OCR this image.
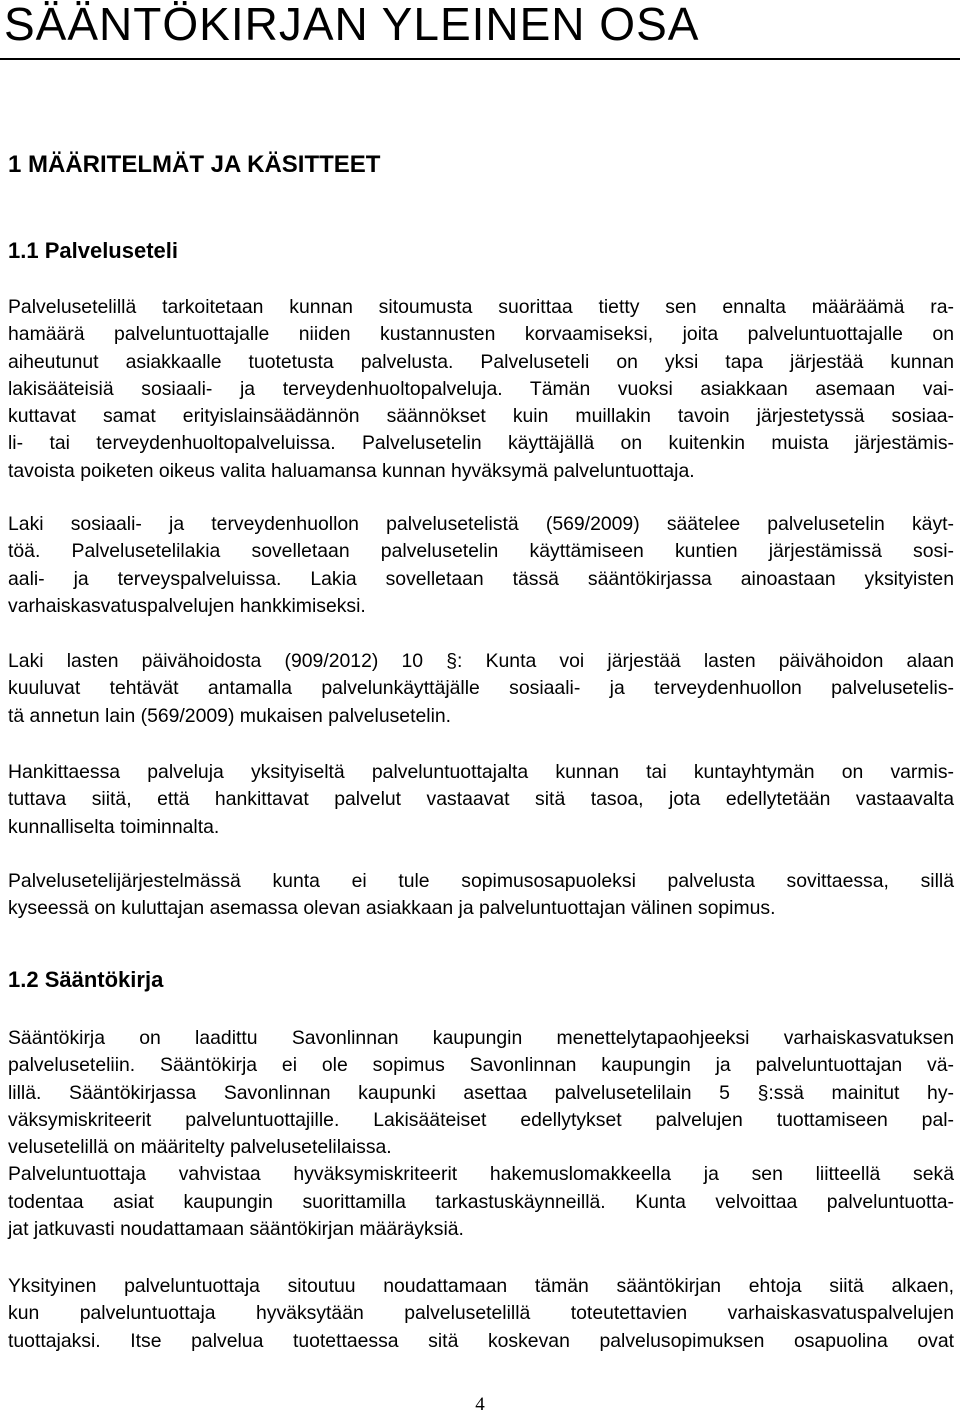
SÄÄNTÖKIRJAN YLEINEN OSA
1 MÄÄRITELMÄT JA KÄSITTEET
1.1 Palveluseteli
Palvelusetelillä tarkoitetaan kunnan sitoumusta suorittaa tietty sen ennalta määräämä ra-
hamäärä palveluntuottajalle niiden kustannusten korvaamiseksi, joita palveluntuottajalle on
aiheutunut asiakkaalle tuotetusta palvelusta. Palveluseteli on yksi tapa järjestää kunnan
lakisääteisiä sosiaali- ja terveydenhuoltopalveluja. Tämän vuoksi asiakkaan asemaan vai-
kuttavat samat erityislainsäädännön säännökset kuin muillakin tavoin järjestetyssä sosiaa-
li- tai terveydenhuoltopalveluissa. Palvelusetelin käyttäjällä on kuitenkin muista järjestämis-
tavoista poiketen oikeus valita haluamansa kunnan hyväksymä palveluntuottaja.
Laki sosiaali- ja terveydenhuollon palvelusetelistä (569/2009) säätelee palvelusetelin käyt-
töä. Palvelusetelilakia sovelletaan palvelusetelin käyttämiseen kuntien järjestämissä sosi-
aali- ja terveyspalveluissa. Lakia sovelletaan tässä sääntökirjassa ainoastaan yksityisten
varhaiskasvatuspalvelujen hankkimiseksi.
Laki lasten päivähoidosta (909/2012) 10 §: Kunta voi järjestää lasten päivähoidon alaan
kuuluvat tehtävät antamalla palvelunkäyttäjälle sosiaali- ja terveydenhuollon palvelusetelis-
tä annetun lain (569/2009) mukaisen palvelusetelin.
Hankittaessa palveluja yksityiseltä palveluntuottajalta kunnan tai kuntayhtymän on varmis-
tuttava siitä, että hankittavat palvelut vastaavat sitä tasoa, jota edellytetään vastaavalta
kunnalliselta toiminnalta.
Palvelusetelijärjestelmässä kunta ei tule sopimusosapuoleksi palvelusta sovittaessa, sillä
kyseessä on kuluttajan asemassa olevan asiakkaan ja palveluntuottajan välinen sopimus.
1.2 Sääntökirja
Sääntökirja on laadittu Savonlinnan kaupungin menettelytapaohjeeksi varhaiskasvatuksen
palveluseteliin. Sääntökirja ei ole sopimus Savonlinnan kaupungin ja palveluntuottajan vä-
lillä. Sääntökirjassa Savonlinnan kaupunki asettaa palvelusetelilain 5 §:ssä mainitut hy-
väksymiskriteerit palveluntuottajille. Lakisääteiset edellytykset palvelujen tuottamiseen pal-
velusetelillä on määritelty palvelusetelilaissa.
Palveluntuottaja vahvistaa hyväksymiskriteerit hakemuslomakkeella ja sen liitteellä sekä
todentaa asiat kaupungin suorittamilla tarkastuskäynneillä. Kunta velvoittaa palveluntuotta-
jat jatkuvasti noudattamaan sääntökirjan määräyksiä.
Yksityinen palveluntuottaja sitoutuu noudattamaan tämän sääntökirjan ehtoja siitä alkaen,
kun palveluntuottaja hyväksytään palvelusetelillä toteutettavien varhaiskasvatuspalvelujen
tuottajaksi. Itse palvelua tuotettaessa sitä koskevan palvelusopimuksen osapuolina ovat
4
